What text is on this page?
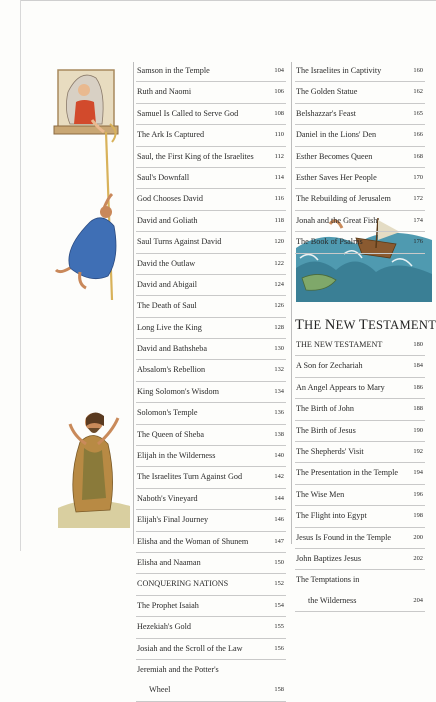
Samson in the Temple	104
Ruth and Naomi	106
Samuel Is Called to Serve God	108
The Ark Is Captured	110
Saul, the First King of the Israelites	112
Saul's Downfall	114
God Chooses David	116
David and Goliath	118
Saul Turns Against David	120
David the Outlaw	122
David and Abigail	124
The Death of Saul	126
Long Live the King	128
David and Bathsheba	130
Absalom's Rebellion	132
King Solomon's Wisdom	134
Solomon's Temple	136
The Queen of Sheba	138
Elijah in the Wilderness	140
The Israelites Turn Against God	142
Naboth's Vineyard	144
Elijah's Final Journey	146
Elisha and the Woman of Shunem	147
Elisha and Naaman	150
CONQUERING NATIONS	152
The Prophet Isaiah	154
Hezekiah's Gold	155
Josiah and the Scroll of the Law	156
Jeremiah and the Potter's
Wheel	158
The Israelites in Captivity	160
The Golden Statue	162
Belshazzar's Feast	165
Daniel in the Lions' Den	166
Esther Becomes Queen	168
Esther Saves Her People	170
The Rebuilding of Jerusalem	172
Jonah and the Great Fish	174
The Book of Psalms	176
THE NEW TESTAMENT
THE NEW TESTAMENT	180
A Son for Zechariah	184
An Angel Appears to Mary	186
The Birth of John	188
The Birth of Jesus	190
The Shepherds' Visit	192
The Presentation in the Temple 194
The Wise Men	196
The Flight into Egypt	198
Jesus Is Found in the Temple	200
John Baptizes Jesus	202
The Temptations in
the Wilderness	204
